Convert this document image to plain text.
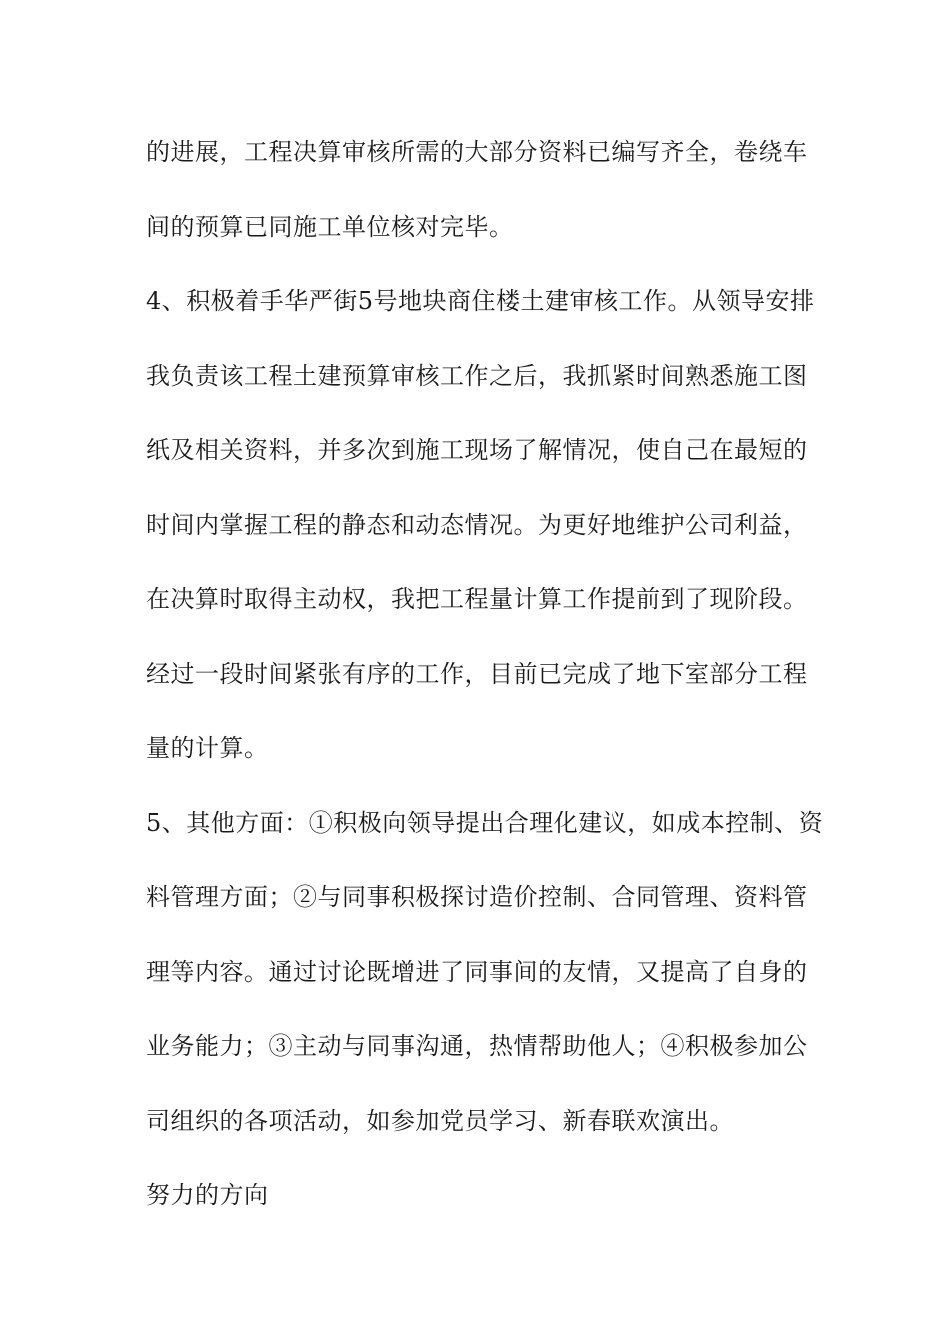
的进展，工程决算审核所需的大部分资料已编写齐全，卷绕车
间的预算已同施工单位核对完毕。
4、积极着手华严街5号地块商住楼土建审核工作。从领导安排
我负责该工程土建预算审核工作之后，我抓紧时间熟悉施工图
纸及相关资料，并多次到施工现场了解情况，使自己在最短的
时间内掌握工程的静态和动态情况。为更好地维护公司利益，
在决算时取得主动权，我把工程量计算工作提前到了现阶段。
经过一段时间紧张有序的工作，目前已完成了地下室部分工程
量的计算。
5、其他方面：①积极向领导提出合理化建议，如成本控制、资
料管理方面；②与同事积极探讨造价控制、合同管理、资料管
理等内容。通过讨论既增进了同事间的友情，又提高了自身的
业务能力；③主动与同事沟通，热情帮助他人；④积极参加公
司组织的各项活动，如参加党员学习、新春联欢演出。
努力的方向
